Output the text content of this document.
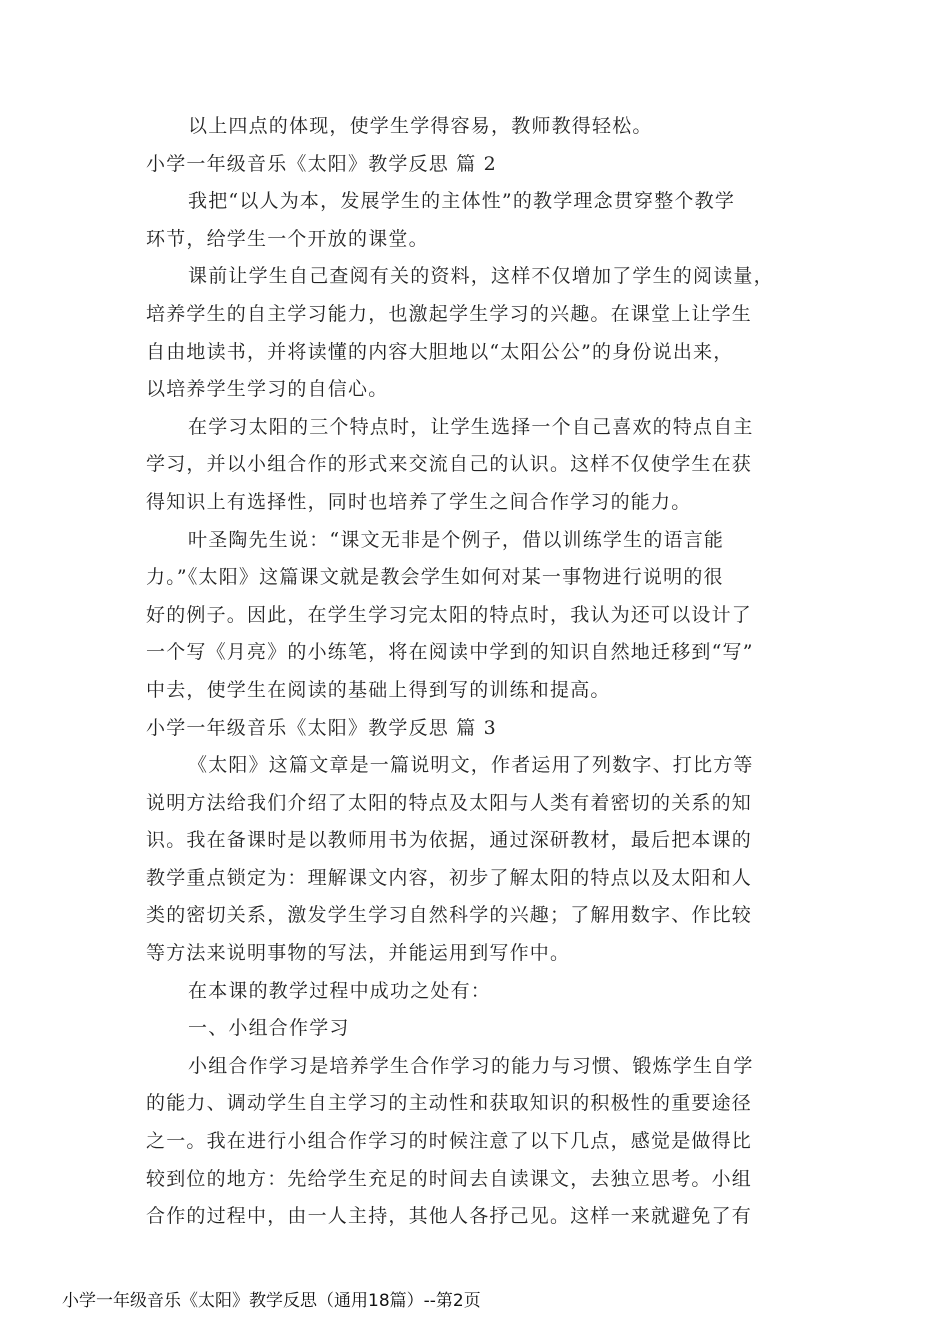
以上四点的体现，使学生学得容易，教师教得轻松。
小学一年级音乐《太阳》教学反思 篇 2
我把“以人为本，发展学生的主体性”的教学理念贯穿整个教学
环节，给学生一个开放的课堂。
课前让学生自己查阅有关的资料，这样不仅增加了学生的阅读量，
培养学生的自主学习能力，也激起学生学习的兴趣。在课堂上让学生
自由地读书，并将读懂的内容大胆地以“太阳公公”的身份说出来，
以培养学生学习的自信心。
在学习太阳的三个特点时，让学生选择一个自己喜欢的特点自主
学习，并以小组合作的形式来交流自己的认识。这样不仅使学生在获
得知识上有选择性，同时也培养了学生之间合作学习的能力。
叶圣陶先生说：“课文无非是个例子，借以训练学生的语言能
力。”《太阳》这篇课文就是教会学生如何对某一事物进行说明的很
好的例子。因此，在学生学习完太阳的特点时，我认为还可以设计了
一个写《月亮》的小练笔，将在阅读中学到的知识自然地迁移到“写”
中去，使学生在阅读的基础上得到写的训练和提高。
小学一年级音乐《太阳》教学反思 篇 3
《太阳》这篇文章是一篇说明文，作者运用了列数字、打比方等
说明方法给我们介绍了太阳的特点及太阳与人类有着密切的关系的知
识。我在备课时是以教师用书为依据，通过深研教材，最后把本课的
教学重点锁定为：理解课文内容，初步了解太阳的特点以及太阳和人
类的密切关系，激发学生学习自然科学的兴趣；了解用数字、作比较
等方法来说明事物的写法，并能运用到写作中。
在本课的教学过程中成功之处有：
一、小组合作学习
小组合作学习是培养学生合作学习的能力与习惯、锻炼学生自学
的能力、调动学生自主学习的主动性和获取知识的积极性的重要途径
之一。我在进行小组合作学习的时候注意了以下几点，感觉是做得比
较到位的地方：先给学生充足的时间去自读课文，去独立思考。小组
合作的过程中，由一人主持，其他人各抒己见。这样一来就避免了有
小学一年级音乐《太阳》教学反思（通用18篇）--第2页
